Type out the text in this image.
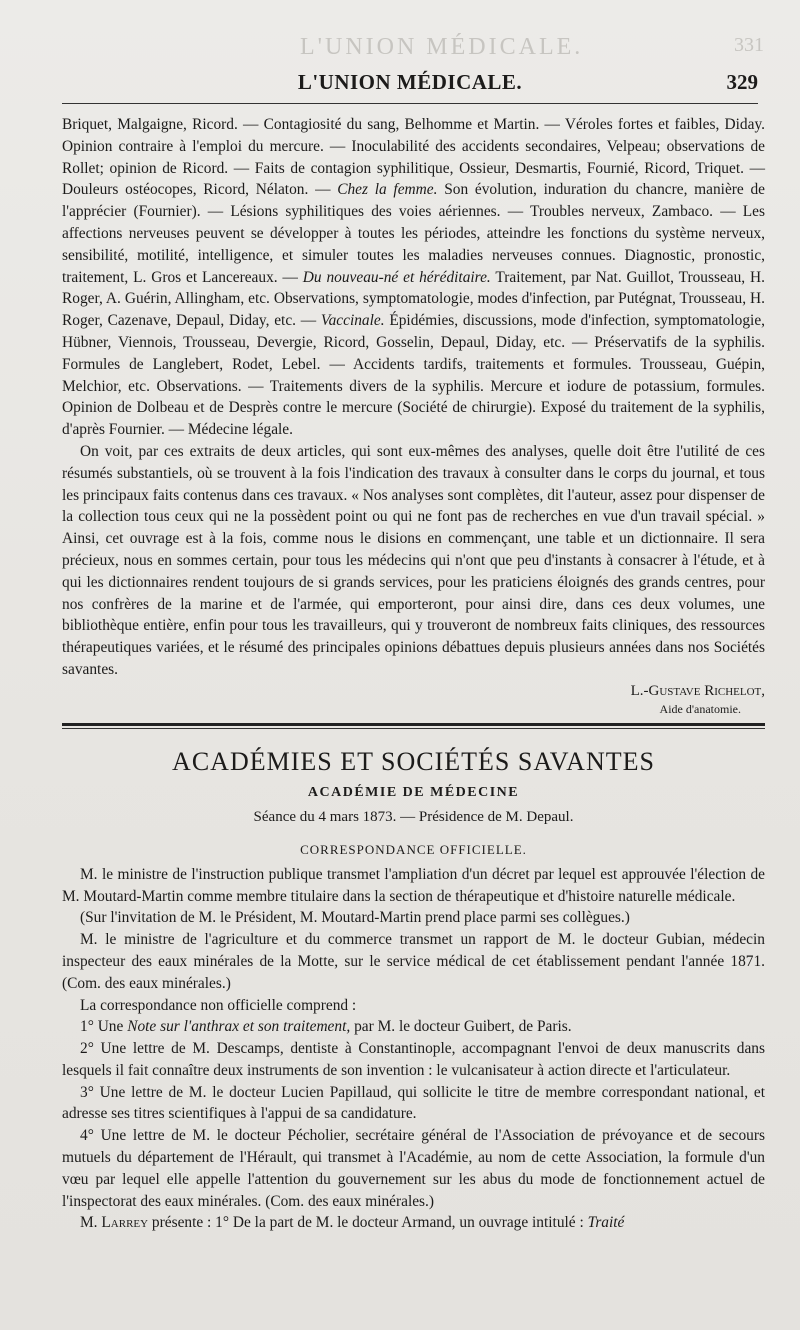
L'UNION MÉDICALE.	331
L'UNION MÉDICALE.	329

Briquet, Malgaigne, Ricord. — Contagiosité du sang, Belhomme et Martin. — Véroles fortes et faibles, Diday. Opinion contraire à l'emploi du mercure. — Inoculabilité des accidents secondaires, Velpeau; observations de Rollet; opinion de Ricord. — Faits de contagion syphilitique, Ossieur, Desmartis, Fournié, Ricord, Triquet. — Douleurs ostéocopes, Ricord, Nélaton. — Chez la femme. Son évolution, induration du chancre, manière de l'apprécier (Fournier). — Lésions syphilitiques des voies aériennes. — Troubles nerveux, Zambaco. — Les affections nerveuses peuvent se développer à toutes les périodes, atteindre les fonctions du système nerveux, sensibilité, motilité, intelligence, et simuler toutes les maladies nerveuses connues. Diagnostic, pronostic, traitement, L. Gros et Lancereaux. — Du nouveau-né et héréditaire. Traitement, par Nat. Guillot, Trousseau, H. Roger, A. Guérin, Allingham, etc. Observations, symptomatologie, modes d'infection, par Putégnat, Trousseau, H. Roger, Cazenave, Depaul, Diday, etc. — Vaccinale. Épidémies, discussions, mode d'infection, symptomatologie, Hübner, Viennois, Trousseau, Devergie, Ricord, Gosselin, Depaul, Diday, etc. — Préservatifs de la syphilis. Formules de Langlebert, Rodet, Lebel. — Accidents tardifs, traitements et formules. Trousseau, Guépin, Melchior, etc. Observations. — Traitements divers de la syphilis. Mercure et iodure de potassium, formules. Opinion de Dolbeau et de Desprès contre le mercure (Société de chirurgie). Exposé du traitement de la syphilis, d'après Fournier. — Médecine légale.

On voit, par ces extraits de deux articles, qui sont eux-mêmes des analyses, quelle doit être l'utilité de ces résumés substantiels, où se trouvent à la fois l'indication des travaux à consulter dans le corps du journal, et tous les principaux faits contenus dans ces travaux. « Nos analyses sont complètes, dit l'auteur, assez pour dispenser de la collection tous ceux qui ne la possèdent point ou qui ne font pas de recherches en vue d'un travail spécial. » Ainsi, cet ouvrage est à la fois, comme nous le disions en commençant, une table et un dictionnaire. Il sera précieux, nous en sommes certain, pour tous les médecins qui n'ont que peu d'instants à consacrer à l'étude, et à qui les dictionnaires rendent toujours de si grands services, pour les praticiens éloignés des grands centres, pour nos confrères de la marine et de l'armée, qui emporteront, pour ainsi dire, dans ces deux volumes, une bibliothèque entière, enfin pour tous les travailleurs, qui y trouveront de nombreux faits cliniques, des ressources thérapeutiques variées, et le résumé des principales opinions débattues depuis plusieurs années dans nos Sociétés savantes.

L.-Gustave Richelot,
Aide d'anatomie.
ACADÉMIES ET SOCIÉTÉS SAVANTES
ACADÉMIE DE MÉDECINE
Séance du 4 mars 1873. — Présidence de M. Depaul.
CORRESPONDANCE OFFICIELLE.

M. le ministre de l'instruction publique transmet l'ampliation d'un décret par lequel est approuvée l'élection de M. Moutard-Martin comme membre titulaire dans la section de thérapeutique et d'histoire naturelle médicale.

(Sur l'invitation de M. le Président, M. Moutard-Martin prend place parmi ses collègues.)

M. le ministre de l'agriculture et du commerce transmet un rapport de M. le docteur Gubian, médecin inspecteur des eaux minérales de la Motte, sur le service médical de cet établissement pendant l'année 1871. (Com. des eaux minérales.)

La correspondance non officielle comprend :

1° Une Note sur l'anthrax et son traitement, par M. le docteur Guibert, de Paris.

2° Une lettre de M. Descamps, dentiste à Constantinople, accompagnant l'envoi de deux manuscrits dans lesquels il fait connaître deux instruments de son invention : le vulcanisateur à action directe et l'articulateur.

3° Une lettre de M. le docteur Lucien Papillaud, qui sollicite le titre de membre correspondant national, et adresse ses titres scientifiques à l'appui de sa candidature.

4° Une lettre de M. le docteur Pécholier, secrétaire général de l'Association de prévoyance et de secours mutuels du département de l'Hérault, qui transmet à l'Académie, au nom de cette Association, la formule d'un vœu par lequel elle appelle l'attention du gouvernement sur les abus du mode de fonctionnement actuel de l'inspectorat des eaux minérales. (Com. des eaux minérales.)

M. Larrey présente : 1° De la part de M. le docteur Armand, un ouvrage intitulé : Traité
